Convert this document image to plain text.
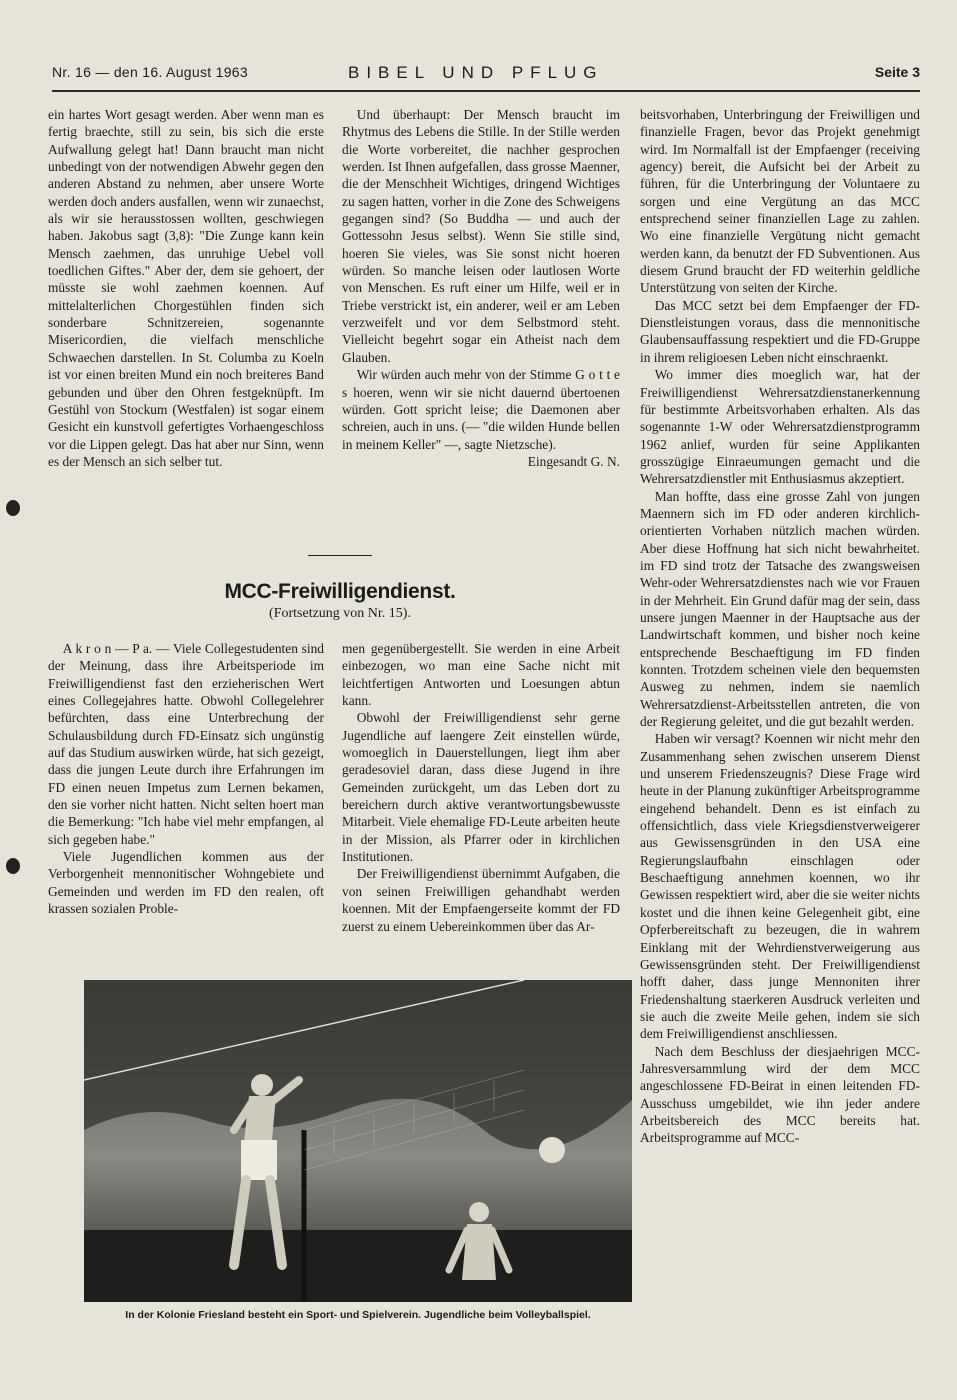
Nr. 16 — den 16. August 1963	BIBEL UND PFLUG	Seite 3

ein hartes Wort gesagt werden. Aber wenn man es fertig braechte, still zu sein, bis sich die erste Aufwallung gelegt hat! Dann braucht man nicht unbedingt von der notwendigen Abwehr gegen den anderen Abstand zu nehmen, aber unsere Worte werden doch anders ausfallen, wenn wir zunaechst, als wir sie herausstossen wollten, geschwiegen haben. Jakobus sagt (3,8): "Die Zunge kann kein Mensch zaehmen, das unruhige Uebel voll toedlichen Giftes." Aber der, dem sie gehoert, der müsste sie wohl zaehmen koennen. Auf mittelalterlichen Chorgestühlen finden sich sonderbare Schnitzereien, sogenannte Misericordien, die vielfach menschliche Schwaechen darstellen. In St. Columba zu Koeln ist vor einen breiten Mund ein noch breiteres Band gebunden und über den Ohren festgeknüpft. Im Gestühl von Stockum (Westfalen) ist sogar einem Gesicht ein kunstvoll gefertigtes Vorhaengeschloss vor die Lippen gelegt. Das hat aber nur Sinn, wenn es der Mensch an sich selber tut.

Und überhaupt: Der Mensch braucht im Rhytmus des Lebens die Stille. In der Stille werden die Worte vorbereitet, die nachher gesprochen werden. Ist Ihnen aufgefallen, dass grosse Maenner, die der Menschheit Wichtiges, dringend Wichtiges zu sagen hatten, vorher in die Zone des Schweigens gegangen sind? (So Buddha — und auch der Gottessohn Jesus selbst). Wenn Sie stille sind, hoeren Sie vieles, was Sie sonst nicht hoeren würden. So manche leisen oder lautlosen Worte von Menschen. Es ruft einer um Hilfe, weil er in Triebe verstrickt ist, ein anderer, weil er am Leben verzweifelt und vor dem Selbstmord steht. Vielleicht begehrt sogar ein Atheist nach dem Glauben.

Wir würden auch mehr von der Stimme G o t t e s hoeren, wenn wir sie nicht dauernd übertoenen würden. Gott spricht leise; die Daemonen aber schreien, auch in uns. (— "die wilden Hunde bellen in meinem Keller" —, sagte Nietzsche).

Eingesandt G. N.

MCC-Freiwilligendienst.
(Fortsetzung von Nr. 15).

A k r o n — P a. — Viele Collegestudenten sind der Meinung, dass ihre Arbeitsperiode im Freiwilligendienst fast den erzieherischen Wert eines Collegejahres hatte. Obwohl Collegelehrer befürchten, dass eine Unterbrechung der Schulausbildung durch FD-Einsatz sich ungünstig auf das Studium auswirken würde, hat sich gezeigt, dass die jungen Leute durch ihre Erfahrungen im FD einen neuen Impetus zum Lernen bekamen, den sie vorher nicht hatten. Nicht selten hoert man die Bemerkung: "Ich habe viel mehr empfangen, al sich gegeben habe."

Viele Jugendlichen kommen aus der Verborgenheit mennonitischer Wohngebiete und Gemeinden und werden im FD den realen, oft krassen sozialen Proble-

men gegenübergestellt. Sie werden in eine Arbeit einbezogen, wo man eine Sache nicht mit leichtfertigen Antworten und Loesungen abtun kann.

Obwohl der Freiwilligendienst sehr gerne Jugendliche auf laengere Zeit einstellen würde, womoeglich in Dauerstellungen, liegt ihm aber geradesoviel daran, dass diese Jugend in ihre Gemeinden zurückgeht, um das Leben dort zu bereichern durch aktive verantwortungsbewusste Mitarbeit. Viele ehemalige FD-Leute arbeiten heute in der Mission, als Pfarrer oder in kirchlichen Institutionen.

Der Freiwilligendienst übernimmt Aufgaben, die von seinen Freiwilligen gehandhabt werden koennen. Mit der Empfaengerseite kommt der FD zuerst zu einem Uebereinkommen über das Ar-

beitsvorhaben, Unterbringung der Freiwilligen und finanzielle Fragen, bevor das Projekt genehmigt wird. Im Normalfall ist der Empfaenger (receiving agency) bereit, die Aufsicht bei der Arbeit zu führen, für die Unterbringung der Voluntaere zu sorgen und eine Vergütung an das MCC entsprechend seiner finanziellen Lage zu zahlen. Wo eine finanzielle Vergütung nicht gemacht werden kann, da benutzt der FD Subventionen. Aus diesem Grund braucht der FD weiterhin geldliche Unterstützung von seiten der Kirche.

Das MCC setzt bei dem Empfaenger der FD-Dienstleistungen voraus, dass die mennonitische Glaubensauffassung respektiert und die FD-Gruppe in ihrem religioesen Leben nicht einschraenkt.

Wo immer dies moeglich war, hat der Freiwilligendienst Wehrersatzdienstanerkennung für bestimmte Arbeitsvorhaben erhalten. Als das sogenannte 1-W oder Wehrersatzdienstprogramm 1962 anlief, wurden für seine Applikanten grosszügige Einraeumungen gemacht und die Wehrersatzdienstler mit Enthusiasmus akzeptiert.

Man hoffte, dass eine grosse Zahl von jungen Maennern sich im FD oder anderen kirchlich-orientierten Vorhaben nützlich machen würden. Aber diese Hoffnung hat sich nicht bewahrheitet. im FD sind trotz der Tatsache des zwangsweisen Wehr-oder Wehrersatzdienstes nach wie vor Frauen in der Mehrheit. Ein Grund dafür mag der sein, dass unsere jungen Maenner in der Hauptsache aus der Landwirtschaft kommen, und bisher noch keine entsprechende Beschaeftigung im FD finden konnten. Trotzdem scheinen viele den bequemsten Ausweg zu nehmen, indem sie naemlich Wehrersatzdienst-Arbeitsstellen antreten, die von der Regierung geleitet, und die gut bezahlt werden.

Haben wir versagt? Koennen wir nicht mehr den Zusammenhang sehen zwischen unserem Dienst und unserem Friedenszeugnis? Diese Frage wird heute in der Planung zukünftiger Arbeitsprogramme eingehend behandelt. Denn es ist einfach zu offensichtlich, dass viele Kriegsdienstverweigerer aus Gewissensgründen in den USA eine Regierungslaufbahn einschlagen oder Beschaeftigung annehmen koennen, wo ihr Gewissen respektiert wird, aber die sie weiter nichts kostet und die ihnen keine Gelegenheit gibt, eine Opferbereitschaft zu bezeugen, die in wahrem Einklang mit der Wehrdienstverweigerung aus Gewissensgründen steht. Der Freiwilligendienst hofft daher, dass junge Mennoniten ihrer Friedenshaltung staerkeren Ausdruck verleiten und sie auch die zweite Meile gehen, indem sie sich dem Freiwilligendienst anschliessen.

Nach dem Beschluss der diesjaehrigen MCC-Jahresversammlung wird der dem MCC angeschlossene FD-Beirat in einen leitenden FD-Ausschuss umgebildet, wie ihn jeder andere Arbeitsbereich des MCC bereits hat. Arbeitsprogramme auf MCC-

In der Kolonie Friesland besteht ein Sport- und Spielverein. Jugendliche beim Volleyballspiel.
